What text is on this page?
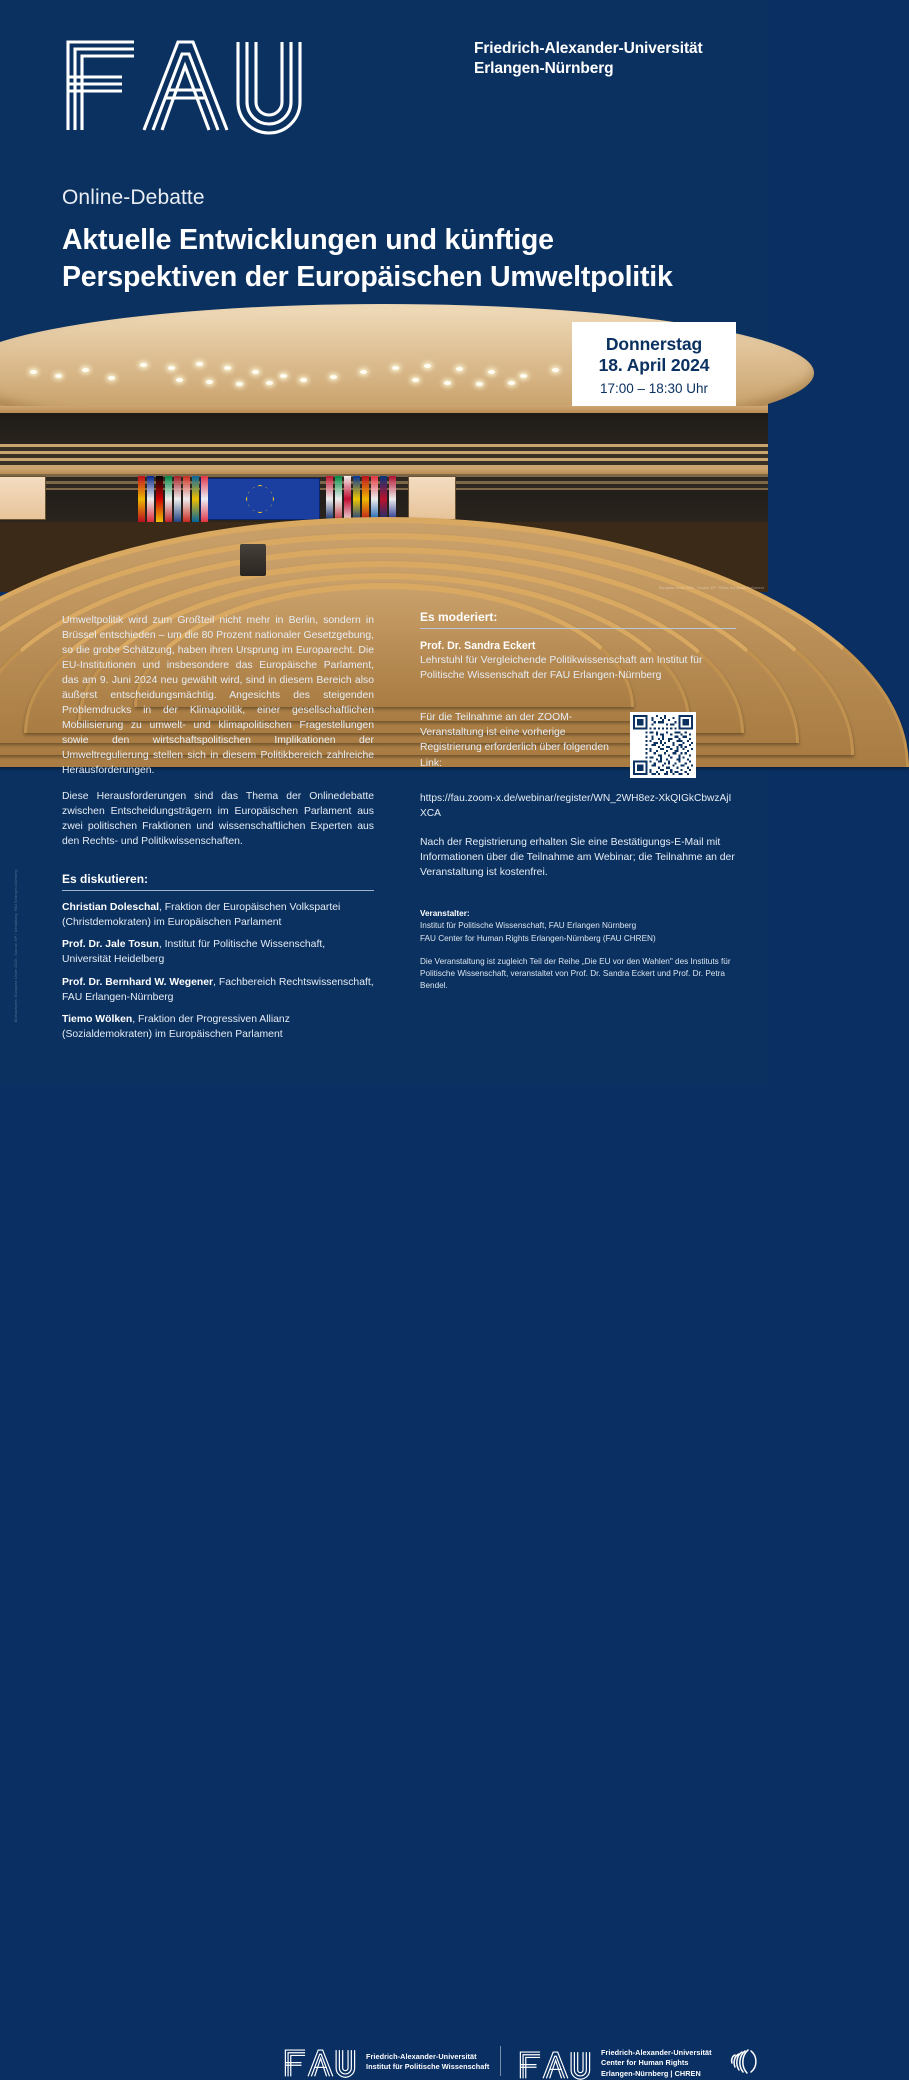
Friedrich-Alexander-Universität
Erlangen-Nürnberg
Online-Debatte
Aktuelle Entwicklungen und künftige
Perspektiven der Europäischen Umweltpolitik
European Union 2020 - Source: EP / Photo: European Parliament
Donnerstag
18. April 2024
17:00 – 18:30 Uhr
Umweltpolitik wird zum Großteil nicht mehr in Berlin, sondern in Brüssel entschieden – um die 80 Prozent nationaler Gesetzgebung, so die grobe Schätzung, haben ihren Ursprung im Europarecht. Die EU-Institutionen und insbesondere das Europäische Parlament, das am 9. Juni 2024 neu gewählt wird, sind in diesem Bereich also äußerst entscheidungsmächtig. Angesichts des steigenden Problemdrucks in der Klimapolitik, einer gesellschaftlichen Mobilisierung zu umwelt- und klimapolitischen Fragestellungen sowie den wirtschaftspolitischen Implikationen der Umweltregulierung stellen sich in diesem Politikbereich zahlreiche Herausforderungen.
Diese Herausforderungen sind das Thema der Onlinedebatte zwischen Entscheidungsträgern im Europäischen Parlament aus zwei politischen Fraktionen und wissenschaftlichen Experten aus den Rechts- und Politikwissenschaften.
Es diskutieren:
Christian Doleschal, Fraktion der Europäischen Volkspartei (Christdemokraten) im Europäischen Parlament
Prof. Dr. Jale Tosun, Institut für Politische Wissenschaft, Universität Heidelberg
Prof. Dr. Bernhard W. Wegener, Fachbereich Rechtswissenschaft, FAU Erlangen-Nürnberg
Tiemo Wölken, Fraktion der Progressiven Allianz (Sozialdemokraten) im Europäischen Parlament
Es moderiert:
Prof. Dr. Sandra Eckert
Lehrstuhl für Vergleichende Politikwissenschaft am Institut für Politische Wissenschaft der FAU Erlangen-Nürnberg
Für die Teilnahme an der ZOOM-Veranstaltung ist eine vorherige Registrierung erforderlich über folgenden Link:
https://fau.zoom-x.de/webinar/register/WN_2WH8ez-XkQIGkCbwzAjIXCA
Nach der Registrierung erhalten Sie eine Bestätigungs-E-Mail mit Informationen über die Teilnahme am Webinar; die Teilnahme an der Veranstaltung ist kostenfrei.
Veranstalter:
Institut für Politische Wissenschaft, FAU Erlangen Nürnberg
FAU Center for Human Rights Erlangen-Nürnberg (FAU CHREN)
Die Veranstaltung ist zugleich Teil der Reihe „Die EU vor den Wahlen" des Instituts für Politische Wissenschaft, veranstaltet von Prof. Dr. Sandra Eckert und Prof. Dr. Petra Bendel.
Bildnachweis: European Union 2020 - Source: EP / Gestaltung: FAU Erlangen-Nürnberg
Friedrich-Alexander-Universität
Institut für Politische Wissenschaft
Friedrich-Alexander-Universität
Center for Human Rights
Erlangen-Nürnberg | CHREN
